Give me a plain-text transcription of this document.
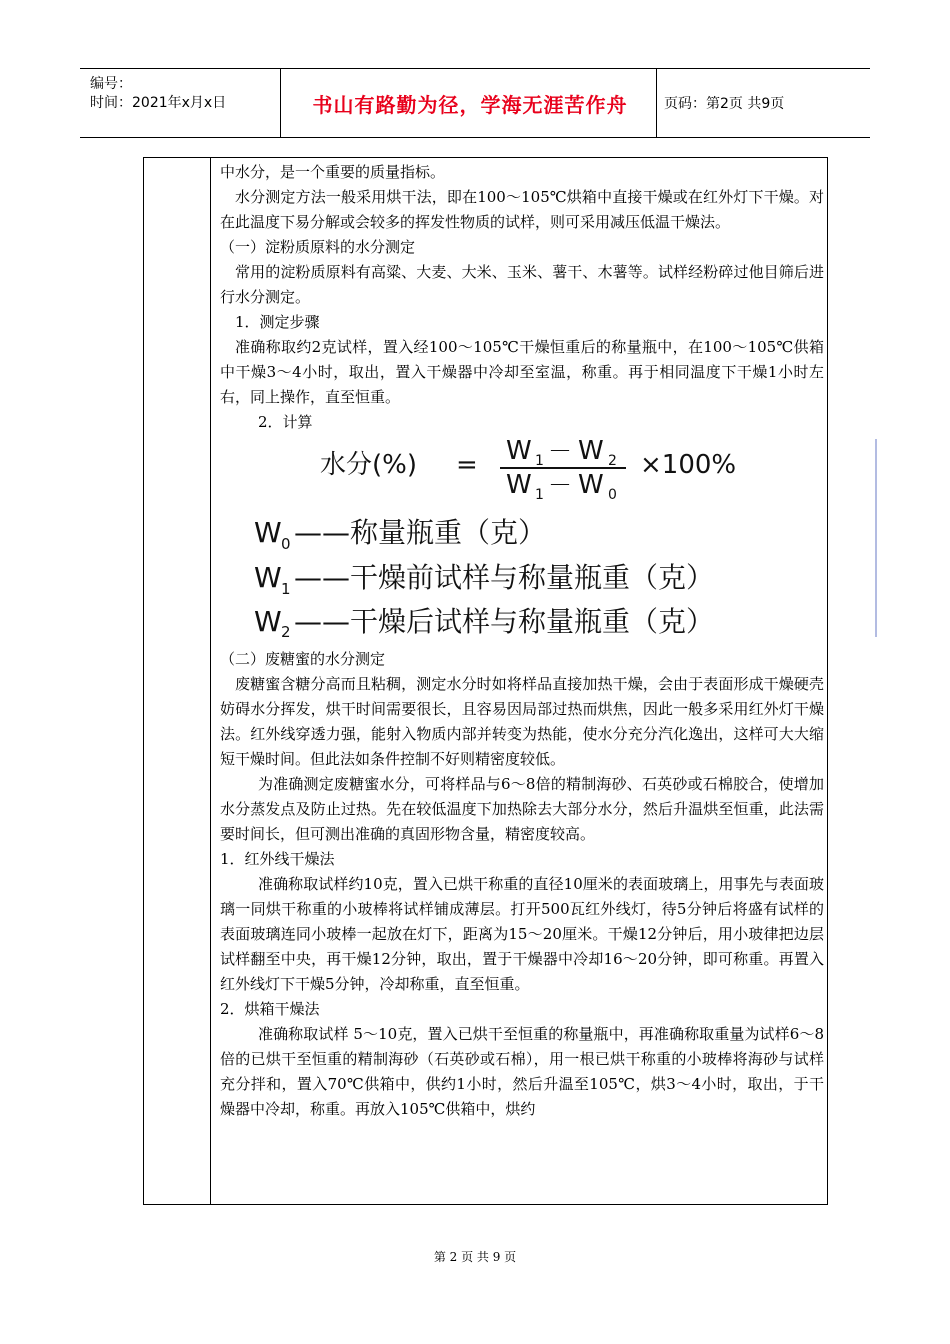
编号：
时间：2021年x月x日	书山有路勤为径，学海无涯苦作舟	页码：第2页 共9页

中水分，是一个重要的质量指标。

水分测定方法一般采用烘干法，即在100～105℃烘箱中直接干燥或在红外灯下干燥。对在此温度下易分解或会较多的挥发性物质的试样，则可采用减压低温干燥法。

（一）淀粉质原料的水分测定

常用的淀粉质原料有高粱、大麦、大米、玉米、薯干、木薯等。试样经粉碎过他目筛后进行水分测定。

1．测定步骤

准确称取约2克试样，置入经100～105℃干燥恒重后的称量瓶中，在100～105℃供箱中干燥3～4小时，取出，置入干燥器中冷却至室温，称重。再于相同温度下干燥1小时左右，同上操作，直至恒重。

2．计算

水分(%) = W 1 － W 2
W 1 － W 0
×100%
W 0 ——称量瓶重（克）
W 1 ——干燥前试样与称量瓶重（克）
W 2 ——干燥后试样与称量瓶重（克）

（二）废糖蜜的水分测定

废糖蜜含糖分高而且粘稠，测定水分时如将样品直接加热干燥，会由于表面形成干燥硬壳妨碍水分挥发，烘干时间需要很长，且容易因局部过热而烘焦，因此一般多采用红外灯干燥法。红外线穿透力强，能射入物质内部并转变为热能，使水分充分汽化逸出，这样可大大缩短干燥时间。但此法如条件控制不好则精密度较低。

为准确测定废糖蜜水分，可将样品与6～8倍的精制海砂、石英砂或石棉胶合，使增加水分蒸发点及防止过热。先在较低温度下加热除去大部分水分，然后升温烘至恒重，此法需要时间长，但可测出准确的真固形物含量，精密度较高。

1．红外线干燥法

准确称取试样约10克，置入已烘干称重的直径10厘米的表面玻璃上，用事先与表面玻璃一同烘干称重的小玻棒将试样铺成薄层。打开500瓦红外线灯，待5分钟后将盛有试样的表面玻璃连同小玻棒一起放在灯下，距离为15～20厘米。干燥12分钟后，用小玻律把边层试样翻至中央，再干燥12分钟，取出，置于干燥器中冷却16～20分钟，即可称重。再置入红外线灯下干燥5分钟，冷却称重，直至恒重。

2．烘箱干燥法

准确称取试样 5～10克，置入已烘干至恒重的称量瓶中，再准确称取重量为试样6～8倍的已烘干至恒重的精制海砂（石英砂或石棉），用一根已烘干称重的小玻棒将海砂与试样充分拌和，置入70℃供箱中，供约1小时，然后升温至105℃，烘3～4小时，取出，于干燥器中冷却，称重。再放入105℃供箱中，烘约

第 2 页 共 9 页
